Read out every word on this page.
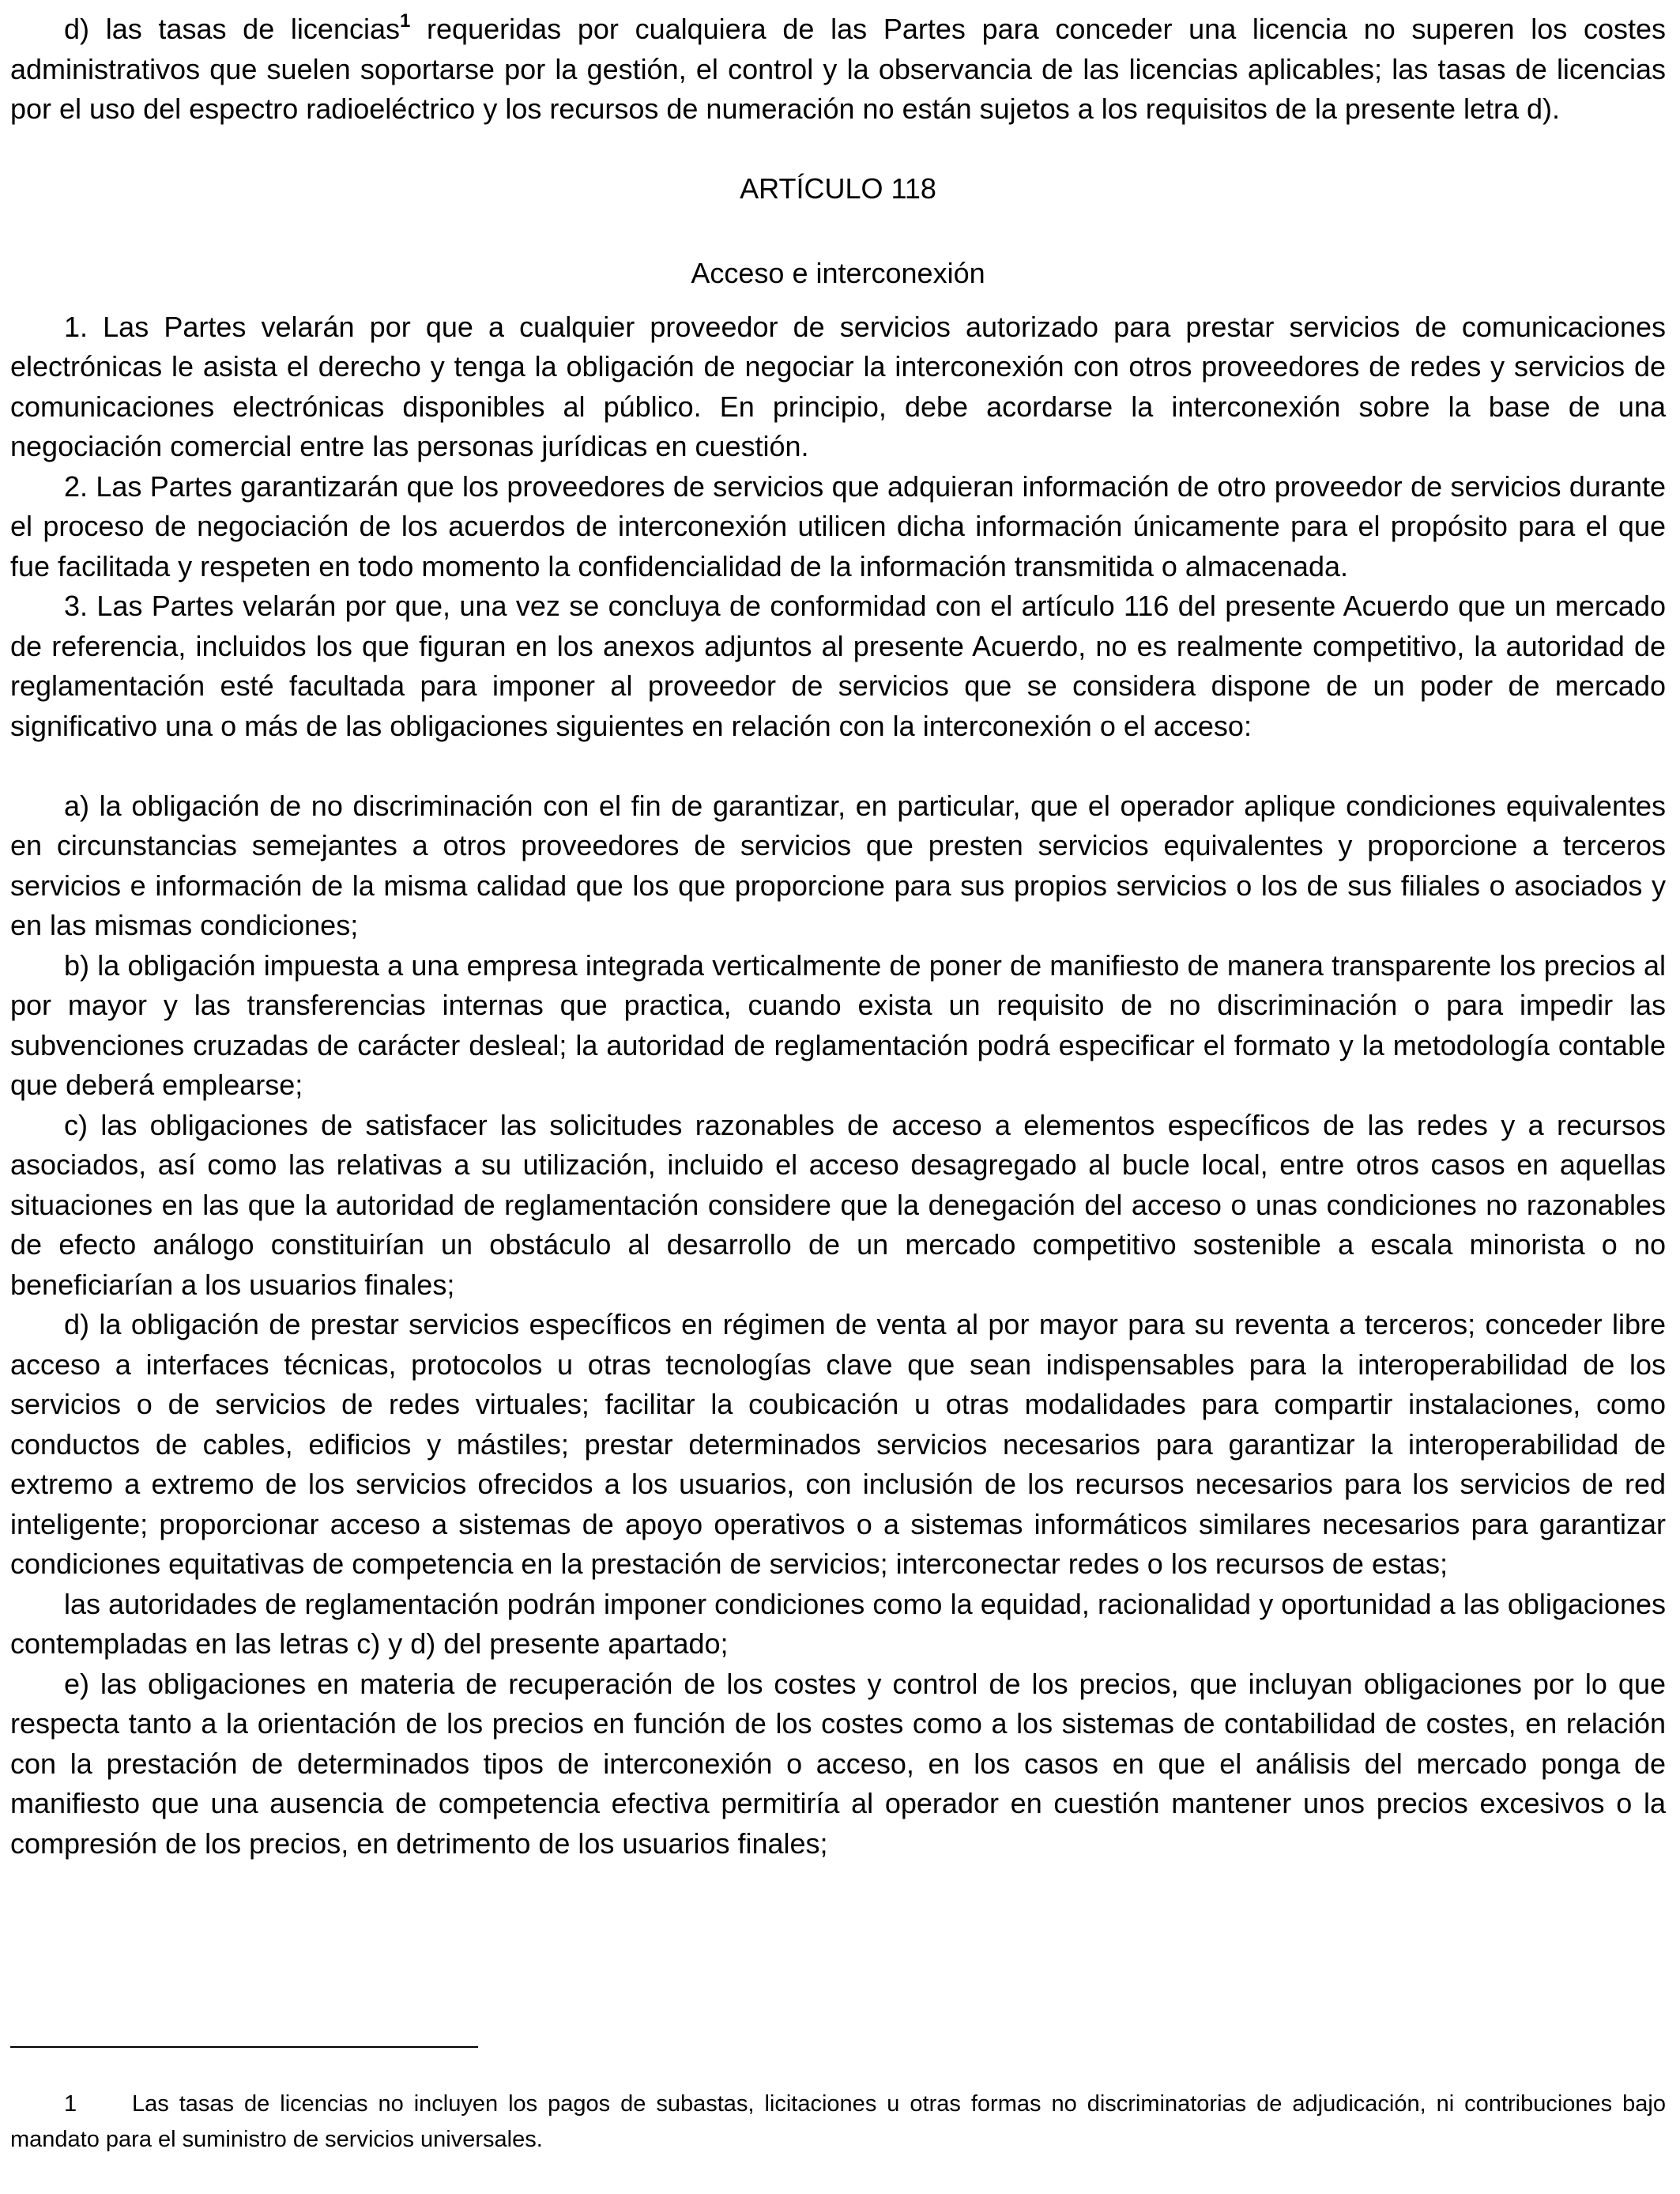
d) las tasas de licencias$^1$ requeridas por cualquiera de las Partes para conceder una licencia no superen los costes administrativos que suelen soportarse por la gestión, el control y la observancia de las licencias aplicables; las tasas de licencias por el uso del espectro radioeléctrico y los recursos de numeración no están sujetos a los requisitos de la presente letra d).

ARTÍCULO 118

Acceso e interconexión

1. Las Partes velarán por que a cualquier proveedor de servicios autorizado para prestar servicios de comunicaciones electrónicas le asista el derecho y tenga la obligación de negociar la interconexión con otros proveedores de redes y servicios de comunicaciones electrónicas disponibles al público. En principio, debe acordarse la interconexión sobre la base de una negociación comercial entre las personas jurídicas en cuestión.

2. Las Partes garantizarán que los proveedores de servicios que adquieran información de otro proveedor de servicios durante el proceso de negociación de los acuerdos de interconexión utilicen dicha información únicamente para el propósito para el que fue facilitada y respeten en todo momento la confidencialidad de la información transmitida o almacenada.

3. Las Partes velarán por que, una vez se concluya de conformidad con el artículo 116 del presente Acuerdo que un mercado de referencia, incluidos los que figuran en los anexos adjuntos al presente Acuerdo, no es realmente competitivo, la autoridad de reglamentación esté facultada para imponer al proveedor de servicios que se considera dispone de un poder de mercado significativo una o más de las obligaciones siguientes en relación con la interconexión o el acceso:

a) la obligación de no discriminación con el fin de garantizar, en particular, que el operador aplique condiciones equivalentes en circunstancias semejantes a otros proveedores de servicios que presten servicios equivalentes y proporcione a terceros servicios e información de la misma calidad que los que proporcione para sus propios servicios o los de sus filiales o asociados y en las mismas condiciones;

b) la obligación impuesta a una empresa integrada verticalmente de poner de manifiesto de manera transparente los precios al por mayor y las transferencias internas que practica, cuando exista un requisito de no discriminación o para impedir las subvenciones cruzadas de carácter desleal; la autoridad de reglamentación podrá especificar el formato y la metodología contable que deberá emplearse;

c) las obligaciones de satisfacer las solicitudes razonables de acceso a elementos específicos de las redes y a recursos asociados, así como las relativas a su utilización, incluido el acceso desagregado al bucle local, entre otros casos en aquellas situaciones en las que la autoridad de reglamentación considere que la denegación del acceso o unas condiciones no razonables de efecto análogo constituirían un obstáculo al desarrollo de un mercado competitivo sostenible a escala minorista o no beneficiarían a los usuarios finales;

d) la obligación de prestar servicios específicos en régimen de venta al por mayor para su reventa a terceros; conceder libre acceso a interfaces técnicas, protocolos u otras tecnologías clave que sean indispensables para la interoperabilidad de los servicios o de servicios de redes virtuales; facilitar la coubicación u otras modalidades para compartir instalaciones, como conductos de cables, edificios y mástiles; prestar determinados servicios necesarios para garantizar la interoperabilidad de extremo a extremo de los servicios ofrecidos a los usuarios, con inclusión de los recursos necesarios para los servicios de red inteligente; proporcionar acceso a sistemas de apoyo operativos o a sistemas informáticos similares necesarios para garantizar condiciones equitativas de competencia en la prestación de servicios; interconectar redes o los recursos de estas;

las autoridades de reglamentación podrán imponer condiciones como la equidad, racionalidad y oportunidad a las obligaciones contempladas en las letras c) y d) del presente apartado;

e) las obligaciones en materia de recuperación de los costes y control de los precios, que incluyan obligaciones por lo que respecta tanto a la orientación de los precios en función de los costes como a los sistemas de contabilidad de costes, en relación con la prestación de determinados tipos de interconexión o acceso, en los casos en que el análisis del mercado ponga de manifiesto que una ausencia de competencia efectiva permitiría al operador en cuestión mantener unos precios excesivos o la compresión de los precios, en detrimento de los usuarios finales;

1 Las tasas de licencias no incluyen los pagos de subastas, licitaciones u otras formas no discriminatorias de adjudicación, ni contribuciones bajo mandato para el suministro de servicios universales.
